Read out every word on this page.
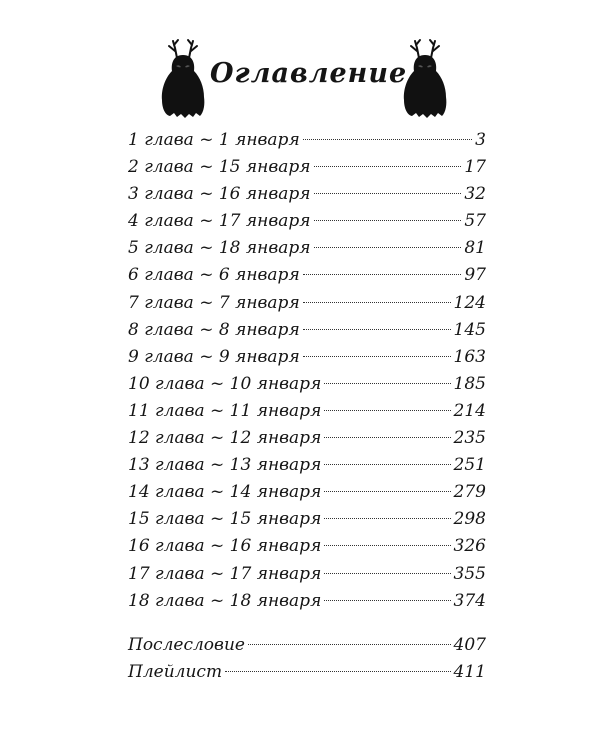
Оглавление
1 глава ~ 1 января	3
2 глава ~ 15 января	17
3 глава ~ 16 января	32
4 глава ~ 17 января	57
5 глава ~ 18 января	81
6 глава ~ 6 января	97
7 глава ~ 7 января	124
8 глава ~ 8 января	145
9 глава ~ 9 января	163
10 глава ~ 10 января	185
11 глава ~ 11 января	214
12 глава ~ 12 января	235
13 глава ~ 13 января	251
14 глава ~ 14 января	279
15 глава ~ 15 января	298
16 глава ~ 16 января	326
17 глава ~ 17 января	355
18 глава ~ 18 января	374
Послесловие	407
Плейлист	411
